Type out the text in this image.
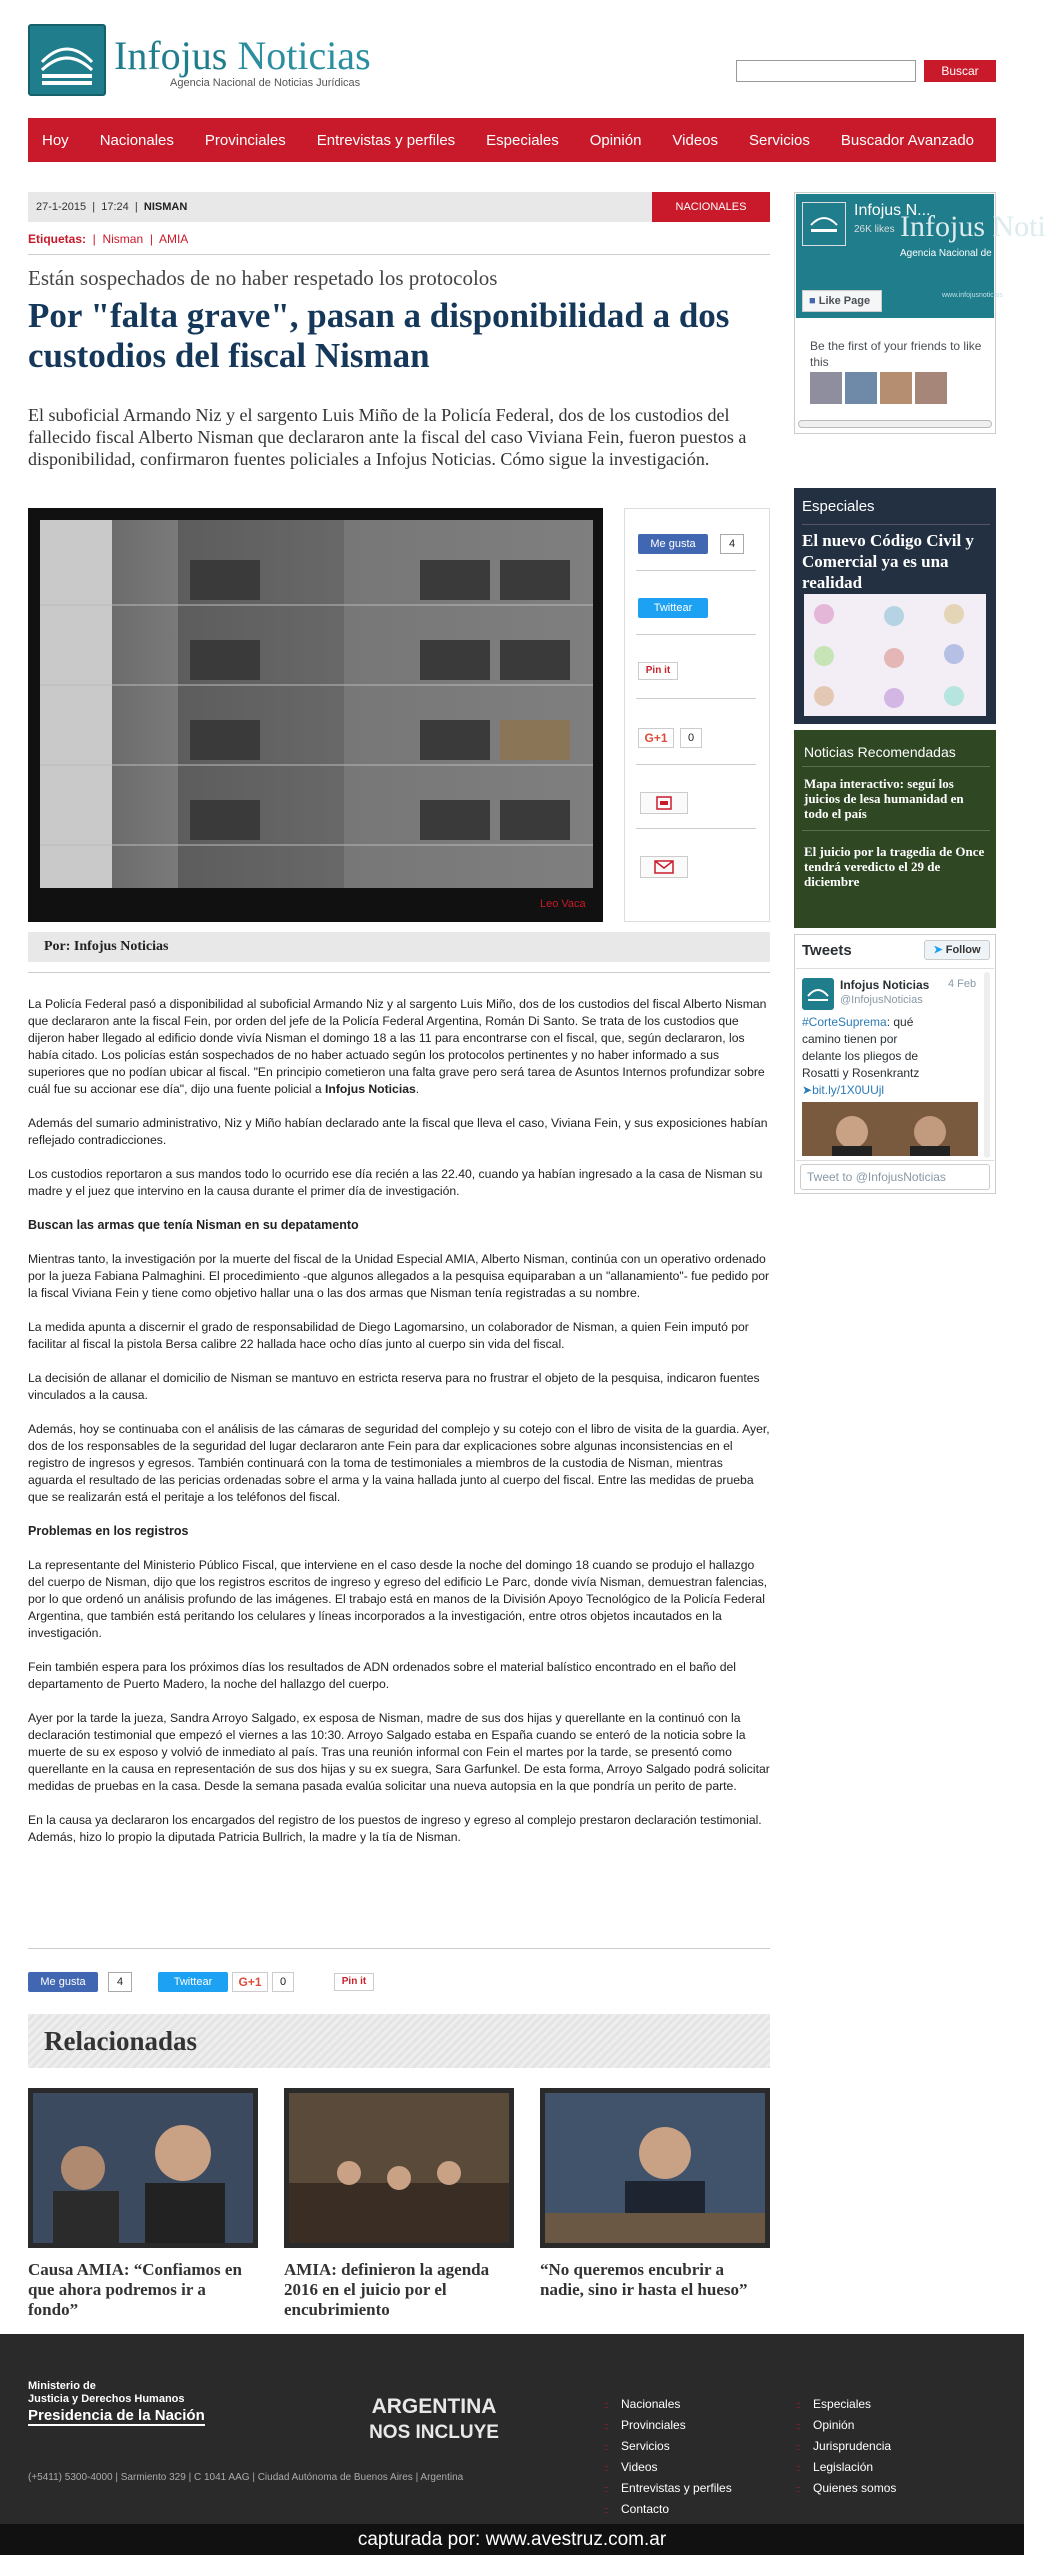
Infojus Noticias
Agencia Nacional de Noticias Jurídicas
Buscar
Hoy Nacionales Provinciales Entrevistas y perfiles Especiales Opinión Videos Servicios Buscador Avanzado
27-1-2015  |  17:24  |  NISMAN	NACIONALES
Etiquetas:  |  Nisman  |  AMIA
Están sospechados de no haber respetado los protocolos
Por "falta grave", pasan a disponibilidad a dos custodios del fiscal Nisman
El suboficial Armando Niz y el sargento Luis Miño de la Policía Federal, dos de los custodios del fallecido fiscal Alberto Nisman que declararon ante la fiscal del caso Viviana Fein, fueron puestos a disponibilidad, confirmaron fuentes policiales a Infojus Noticias. Cómo sigue la investigación.
Leo Vaca
Me gusta	4
Twittear
Pin it
G+1	0
Por: Infojus Noticias

La Policía Federal pasó a disponibilidad al suboficial Armando Niz y al sargento Luis Miño, dos de los custodios del fiscal Alberto Nisman que declararon ante la fiscal Fein, por orden del jefe de la Policía Federal Argentina, Román Di Santo. Se trata de los custodios que dijeron haber llegado al edificio donde vivía Nisman el domingo 18 a las 11 para encontrarse con el fiscal, que, según declararon, los había citado. Los policías están sospechados de no haber actuado según los protocolos pertinentes y no haber informado a sus superiores que no podían ubicar al fiscal. "En principio cometieron una falta grave pero será tarea de Asuntos Internos profundizar sobre cuál fue su accionar ese día", dijo una fuente policial a Infojus Noticias.

Además del sumario administrativo, Niz y Miño habían declarado ante la fiscal que lleva el caso, Viviana Fein, y sus exposiciones habían reflejado contradicciones.

Los custodios reportaron a sus mandos todo lo ocurrido ese día recién a las 22.40, cuando ya habían ingresado a la casa de Nisman su madre y el juez que intervino en la causa durante el primer día de investigación.

Buscan las armas que tenía Nisman en su depatamento

Mientras tanto, la investigación por la muerte del fiscal de la Unidad Especial AMIA, Alberto Nisman, continúa con un operativo ordenado por la jueza Fabiana Palmaghini. El procedimiento -que algunos allegados a la pesquisa equiparaban a un "allanamiento"- fue pedido por la fiscal Viviana Fein y tiene como objetivo hallar una o las dos armas que Nisman tenía registradas a su nombre.

La medida apunta a discernir el grado de responsabilidad de Diego Lagomarsino, un colaborador de Nisman, a quien Fein imputó por facilitar al fiscal la pistola Bersa calibre 22 hallada hace ocho días junto al cuerpo sin vida del fiscal.

La decisión de allanar el domicilio de Nisman se mantuvo en estricta reserva para no frustrar el objeto de la pesquisa, indicaron fuentes vinculados a la causa.

Además, hoy se continuaba con el análisis de las cámaras de seguridad del complejo y su cotejo con el libro de visita de la guardia. Ayer, dos de los responsables de la seguridad del lugar declararon ante Fein para dar explicaciones sobre algunas inconsistencias en el registro de ingresos y egresos. También continuará con la toma de testimoniales a miembros de la custodia de Nisman, mientras aguarda el resultado de las pericias ordenadas sobre el arma y la vaina hallada junto al cuerpo del fiscal. Entre las medidas de prueba que se realizarán está el peritaje a los teléfonos del fiscal.

Problemas en los registros

La representante del Ministerio Público Fiscal, que interviene en el caso desde la noche del domingo 18 cuando se produjo el hallazgo del cuerpo de Nisman, dijo que los registros escritos de ingreso y egreso del edificio Le Parc, donde vivía Nisman, demuestran falencias, por lo que ordenó un análisis profundo de las imágenes. El trabajo está en manos de la División Apoyo Tecnológico de la Policía Federal Argentina, que también está peritando los celulares y líneas incorporados a la investigación, entre otros objetos incautados en la investigación.

Fein también espera para los próximos días los resultados de ADN ordenados sobre el material balístico encontrado en el baño del departamento de Puerto Madero, la noche del hallazgo del cuerpo.

Ayer por la tarde la jueza, Sandra Arroyo Salgado, ex esposa de Nisman, madre de sus dos hijas y querellante en la continuó con la declaración testimonial que empezó el viernes a las 10:30. Arroyo Salgado estaba en España cuando se enteró de la noticia sobre la muerte de su ex esposo y volvió de inmediato al país. Tras una reunión informal con Fein el martes por la tarde, se presentó como querellante en la causa en representación de sus dos hijas y su ex suegra, Sara Garfunkel. De esta forma, Arroyo Salgado podrá solicitar medidas de pruebas en la casa. Desde la semana pasada evalúa solicitar una nueva autopsia en la que pondría un perito de parte.

En la causa ya declararon los encargados del registro de los puestos de ingreso y egreso al complejo prestaron declaración testimonial. Además, hizo lo propio la diputada Patricia Bullrich, la madre y la tía de Nisman.

Me gusta	4	Twittear	G+1	0	Pin it
Relacionadas
Causa AMIA: “Confiamos en que ahora podremos ir a fondo”
AMIA: definieron la agenda 2016 en el juicio por el encubrimiento
“No queremos encubrir a nadie, sino ir hasta el hueso”
Infojus N...
26K likes Infojus Noti
Agencia Nacional de
www.infojusnoticias
■ Like Page
Be the first of your friends to like this
Especiales
El nuevo Código Civil y Comercial ya es una realidad
Noticias Recomendadas
Mapa interactivo: seguí los juicios de lesa humanidad en todo el país
El juicio por la tragedia de Once tendrá veredicto el 29 de diciembre
Tweets	➤ Follow
Infojus Noticias
@InfojusNoticias
4 Feb
#CorteSuprema: qué camino tienen por delante los pliegos de Rosatti y Rosenkrantz ➤bit.ly/1X0UUjl
Tweet to @InfojusNoticias
Ministerio de
Justicia y Derechos Humanos
Presidencia de la Nación
(+5411) 5300-4000 | Sarmiento 329 | C 1041 AAG | Ciudad Autónoma de Buenos Aires | Argentina
ARGENTINA
NOS INCLUYE
:: Nacionales
:: Provinciales
:: Servicios
:: Videos
:: Entrevistas y perfiles
:: Contacto
:: Especiales
:: Opinión
:: Jurisprudencia
:: Legislación
:: Quienes somos
capturada por: www.avestruz.com.ar
